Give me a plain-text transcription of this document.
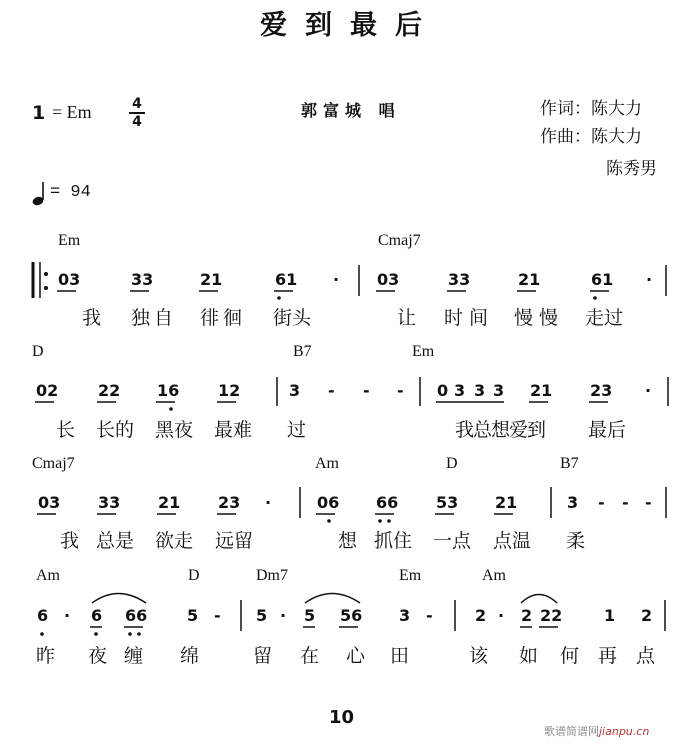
爱到最后
1 = Em	4
4
郭富城 唱	作词：陈大力
作曲：陈大力
陈秀男
= 94
Em	Cmaj7
D	B7	Em
Cmaj7	Am	D	B7
Am	D	Dm7	Em	Am
03	33	21	61 · 03	33	21	61 ·
我 独自 徘徊 街头	让 时间 慢慢 走过
02 22 16 12	3 - - - 0 3 3 3 21 23 ·
长 长的 黑夜 最难 过	我总想爱到 最后
03 33 21 23 ·	06 66 53 21	3 - - -
我 总是 欲走 远留	想 抓住 一点 点温 柔
6 · 6 66 5 - 5 · 5 56 3 -	2 · 2 22	1 2
昨 夜 缠 绵	留 在 心 田	该 如 何 再 点
10
歌谱简谱网jianpu.cn
